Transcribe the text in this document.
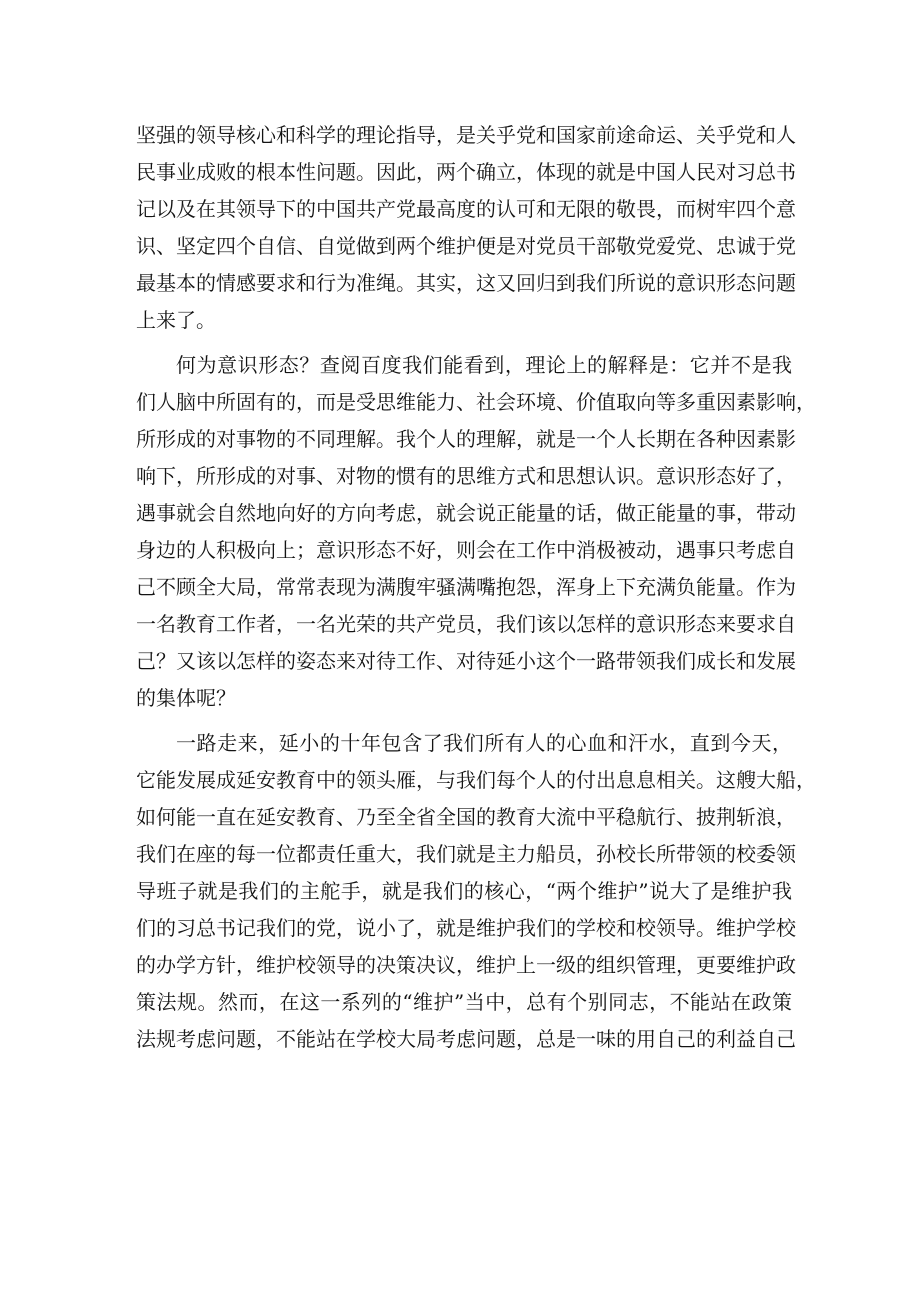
坚强的领导核心和科学的理论指导，是关乎党和国家前途命运、关乎党和人
民事业成败的根本性问题。因此，两个确立，体现的就是中国人民对习总书
记以及在其领导下的中国共产党最高度的认可和无限的敬畏，而树牢四个意
识、坚定四个自信、自觉做到两个维护便是对党员干部敬党爱党、忠诚于党
最基本的情感要求和行为准绳。其实，这又回归到我们所说的意识形态问题
上来了。
何为意识形态？查阅百度我们能看到，理论上的解释是：它并不是我
们人脑中所固有的，而是受思维能力、社会环境、价值取向等多重因素影响，
所形成的对事物的不同理解。我个人的理解，就是一个人长期在各种因素影
响下，所形成的对事、对物的惯有的思维方式和思想认识。意识形态好了，
遇事就会自然地向好的方向考虑，就会说正能量的话，做正能量的事，带动
身边的人积极向上；意识形态不好，则会在工作中消极被动，遇事只考虑自
己不顾全大局，常常表现为满腹牢骚满嘴抱怨，浑身上下充满负能量。作为
一名教育工作者，一名光荣的共产党员，我们该以怎样的意识形态来要求自
己？又该以怎样的姿态来对待工作、对待延小这个一路带领我们成长和发展
的集体呢？
一路走来，延小的十年包含了我们所有人的心血和汗水，直到今天，
它能发展成延安教育中的领头雁，与我们每个人的付出息息相关。这艘大船，
如何能一直在延安教育、乃至全省全国的教育大流中平稳航行、披荆斩浪，
我们在座的每一位都责任重大，我们就是主力船员，孙校长所带领的校委领
导班子就是我们的主舵手，就是我们的核心，“两个维护”说大了是维护我
们的习总书记我们的党，说小了，就是维护我们的学校和校领导。维护学校
的办学方针，维护校领导的决策决议，维护上一级的组织管理，更要维护政
策法规。然而，在这一系列的“维护”当中，总有个别同志，不能站在政策
法规考虑问题，不能站在学校大局考虑问题，总是一味的用自己的利益自己
